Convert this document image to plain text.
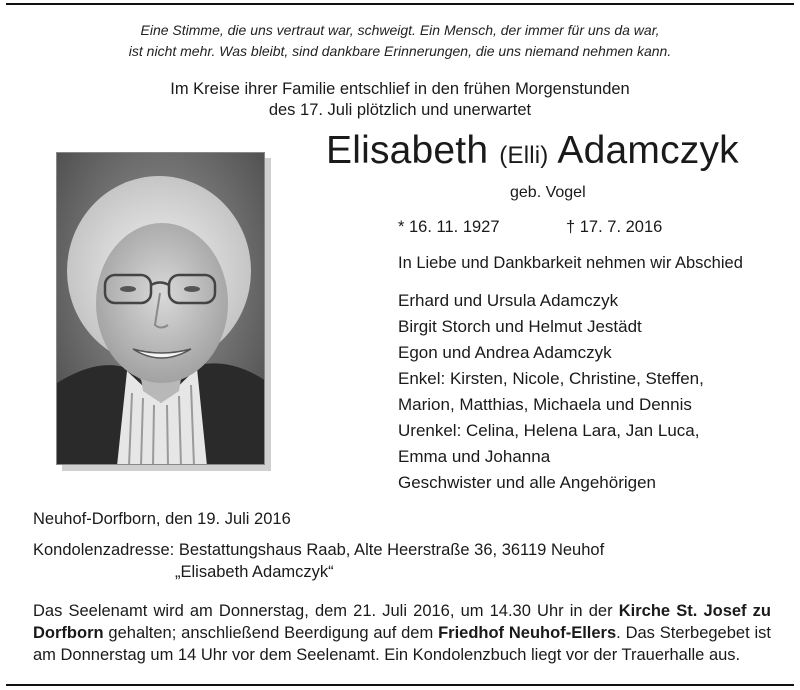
Eine Stimme, die uns vertraut war, schweigt. Ein Mensch, der immer für uns da war,
ist nicht mehr. Was bleibt, sind dankbare Erinnerungen, die uns niemand nehmen kann.
Im Kreise ihrer Familie entschlief in den frühen Morgenstunden
des 17. Juli plötzlich und unerwartet
Elisabeth (Elli) Adamczyk
geb. Vogel
* 16. 11. 1927	† 17. 7. 2016
In Liebe und Dankbarkeit nehmen wir Abschied
Erhard und Ursula Adamczyk
Birgit Storch und Helmut Jestädt
Egon und Andrea Adamczyk
Enkel: Kirsten, Nicole, Christine, Steffen,
Marion, Matthias, Michaela und Dennis
Urenkel: Celina, Helena Lara, Jan Luca,
Emma und Johanna
Geschwister und alle Angehörigen
Neuhof-Dorfborn, den 19. Juli 2016
Kondolenzadresse: Bestattungshaus Raab, Alte Heerstraße 36, 36119 Neuhof
„Elisabeth Adamczyk“
Das Seelenamt wird am Donnerstag, dem 21. Juli 2016, um 14.30 Uhr in der Kirche St. Josef zu Dorfborn gehalten; anschließend Beerdigung auf dem Friedhof Neuhof-Ellers. Das Sterbegebet ist am Donnerstag um 14 Uhr vor dem Seelenamt. Ein Kondolenzbuch liegt vor der Trauerhalle aus.
